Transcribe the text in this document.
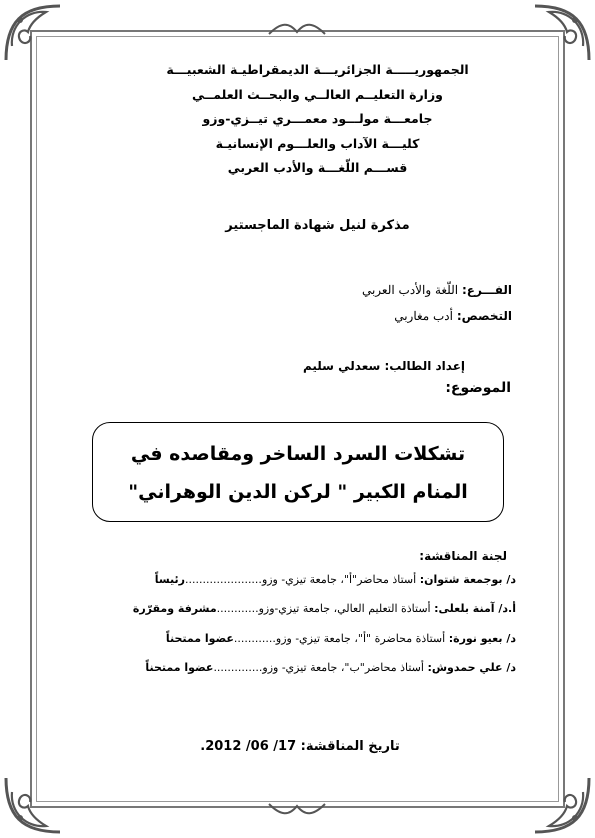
الجمهوريـــــة الجزائريـــة الديمقراطيـة الشعبيـــة
وزارة التعليــم العالــي والبحــث العلمــي
جامعـــة مولـــود معمـــري تيــزي-وزو
كليـــة الآداب والعلـــوم الإنسانيـة
قســـم اللّغـــة والأدب العربي
مذكرة لنيل شهادة الماجستير
الفـــرع: اللّغة والأدب العربي
التخصص: أدب مغاربي
إعداد الطالب: سعدلي سليم
الموضوع:
تشكلات السرد الساخر ومقاصده في
المنام الكبير " لركن الدين الوهراني"
لجنة المناقشة:
د/ بوجمعة شتوان: أستاذ محاضر"أ"، جامعة تيزي- وزو......................رئيساً
أ.د/ آمنة بلعلى: أستاذة التعليم العالي، جامعة تيزي-وزو............مشرفة ومقرّرة
د/ بعيو نورة: أستاذة محاضرة "أ"، جامعة تيزي- وزو............عضوا ممتحناً
د/ علي حمدوش: أستاذ محاضر"ب"، جامعة تيزي- وزو..............عضوا ممتحناً
تاريخ المناقشة: 17/ 06/ 2012.
